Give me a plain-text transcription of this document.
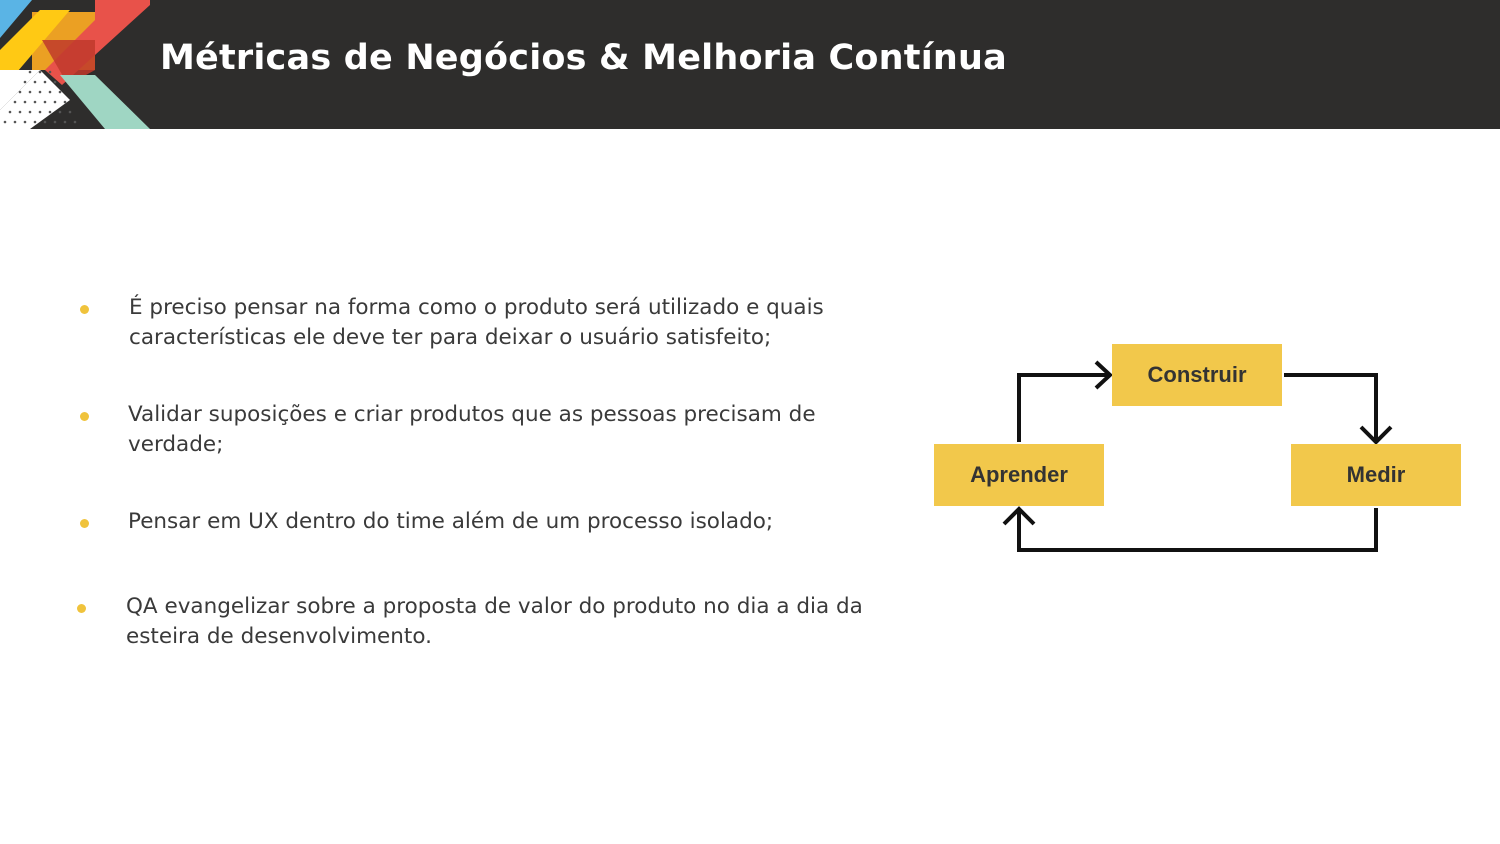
Métricas de Negócios & Melhoria Contínua
É preciso pensar na forma como o produto será utilizado e quais
características ele deve ter para deixar o usuário satisfeito;
Validar suposições e criar produtos que as pessoas precisam de
verdade;
Pensar em UX dentro do time além de um processo isolado;
QA evangelizar sobre a proposta de valor do produto no dia a dia da
esteira de desenvolvimento.
Construir
Aprender	Medir
